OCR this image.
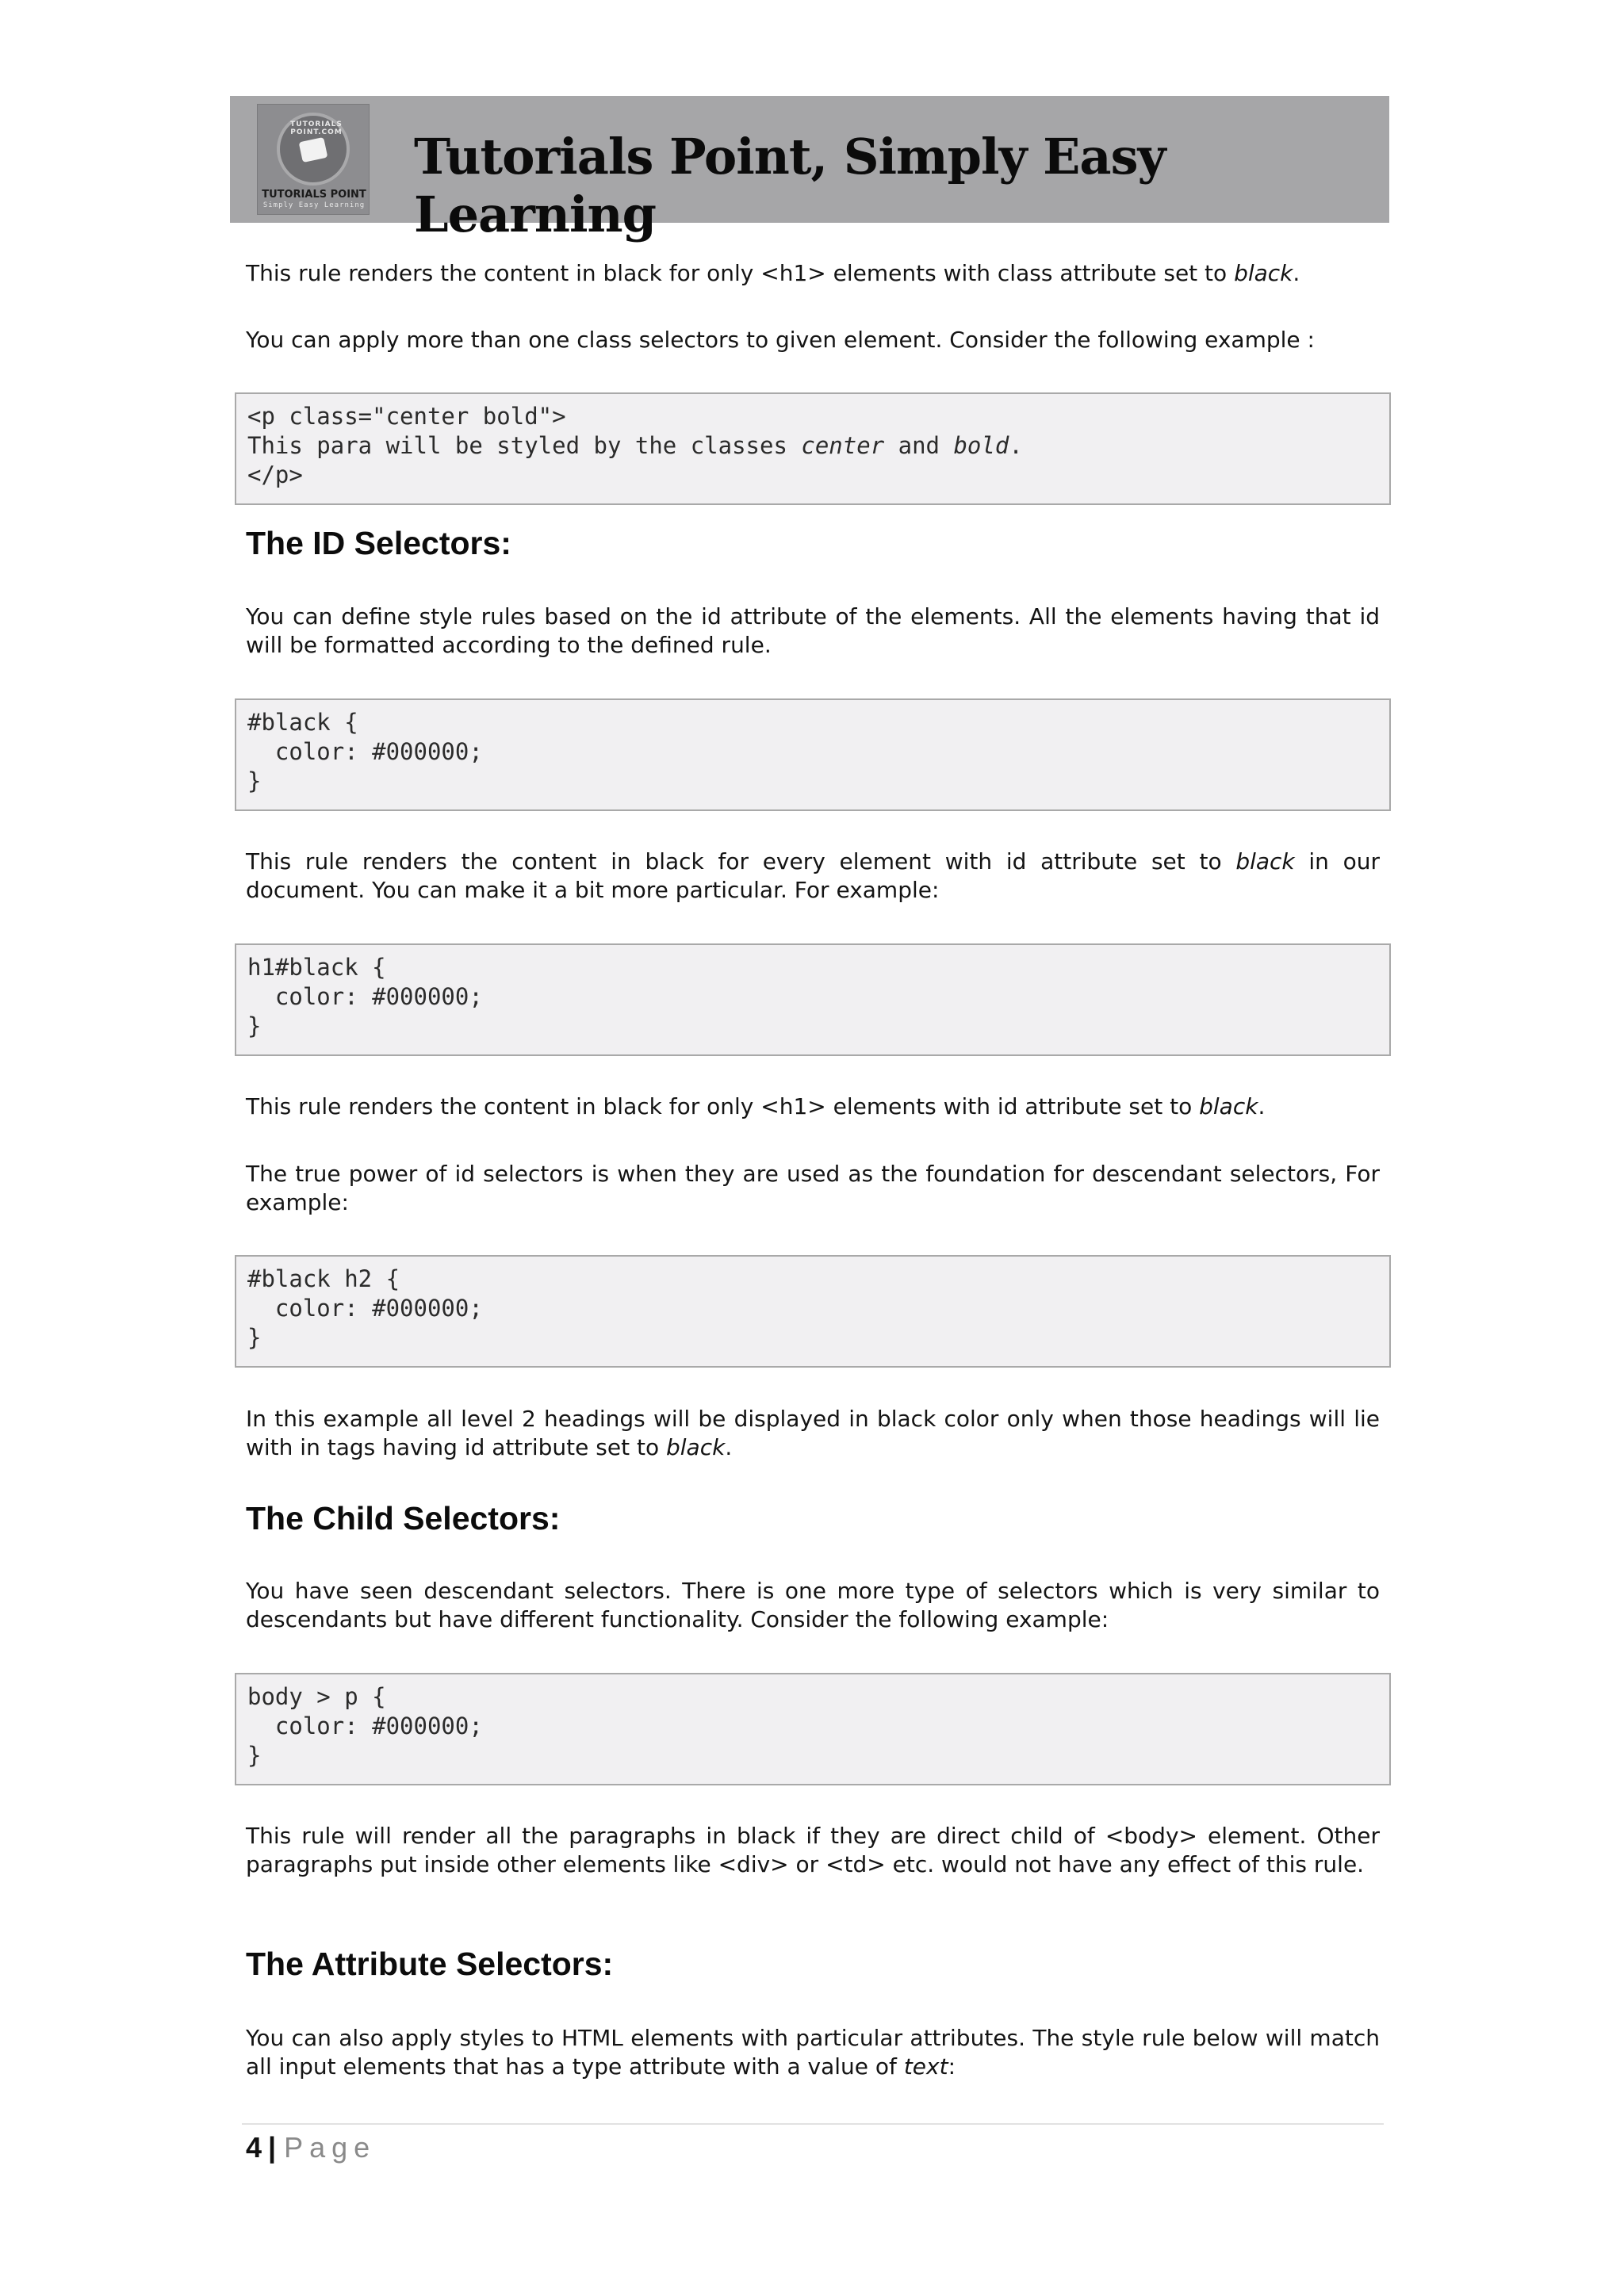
TUTORIALS POINT.COM
TUTORIALS POINT
Simply Easy Learning
Tutorials Point, Simply Easy Learning

This rule renders the content in black for only <h1> elements with class attribute set to black.

You can apply more than one class selectors to given element. Consider the following example :

<p class="center bold">
This para will be styled by the classes center and bold.
</p>
The ID Selectors:

You can define style rules based on the id attribute of the elements. All the elements having that id will be formatted according to the defined rule.

#black {
color: #000000;
}

This rule renders the content in black for every element with id attribute set to black in our document. You can make it a bit more particular. For example:

h1#black {
color: #000000;
}

This rule renders the content in black for only <h1> elements with id attribute set to black.

The true power of id selectors is when they are used as the foundation for descendant selectors, For example:

#black h2 {
color: #000000;
}

In this example all level 2 headings will be displayed in black color only when those headings will lie with in tags having id attribute set to black.

The Child Selectors:

You have seen descendant selectors. There is one more type of selectors which is very similar to descendants but have different functionality. Consider the following example:

body > p {
color: #000000;
}

This rule will render all the paragraphs in black if they are direct child of <body> element. Other paragraphs put inside other elements like <div> or <td> etc. would not have any effect of this rule.

The Attribute Selectors:

You can also apply styles to HTML elements with particular attributes. The style rule below will match all input elements that has a type attribute with a value of text:

4 | Page
